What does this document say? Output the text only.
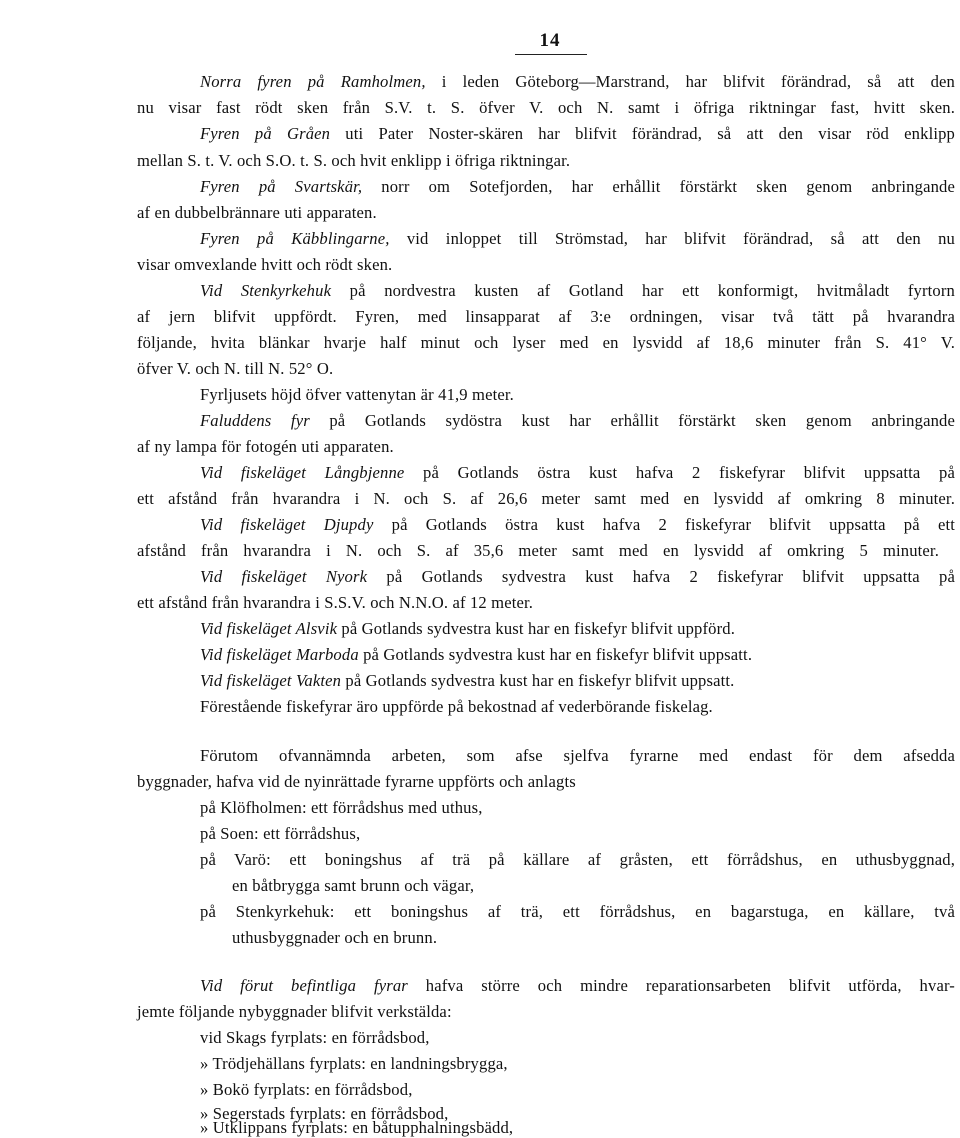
14
Norra fyren på Ramholmen, i leden Göteborg—Marstrand, har blifvit förändrad, så att den
nu visar fast rödt sken från S.V. t. S. öfver V. och N. samt i öfriga riktningar fast, hvitt sken.
Fyren på Gråen uti Pater Noster-skären har blifvit förändrad, så att den visar röd enklipp
mellan S. t. V. och S.O. t. S. och hvit enklipp i öfriga riktningar.
Fyren på Svartskär, norr om Sotefjorden, har erhållit förstärkt sken genom anbringande
af en dubbelbrännare uti apparaten.
Fyren på Käbblingarne, vid inloppet till Strömstad, har blifvit förändrad, så att den nu
visar omvexlande hvitt och rödt sken.
Vid Stenkyrkehuk på nordvestra kusten af Gotland har ett konformigt, hvitmåladt fyrtorn
af jern blifvit uppfördt. Fyren, med linsapparat af 3:e ordningen, visar två tätt på hvarandra
följande, hvita blänkar hvarje half minut och lyser med en lysvidd af 18,6 minuter från S. 41° V.
öfver V. och N. till N. 52° O.
Fyrljusets höjd öfver vattenytan är 41,9 meter.
Faluddens fyr på Gotlands sydöstra kust har erhållit förstärkt sken genom anbringande
af ny lampa för fotogén uti apparaten.
Vid fiskeläget Långbjenne på Gotlands östra kust hafva 2 fiskefyrar blifvit uppsatta på
ett afstånd från hvarandra i N. och S. af 26,6 meter samt med en lysvidd af omkring 8 minuter.
Vid fiskeläget Djupdy på Gotlands östra kust hafva 2 fiskefyrar blifvit uppsatta på ett
afstånd från hvarandra i N. och S. af 35,6 meter samt med en lysvidd af omkring 5 minuter.
Vid fiskeläget Nyork på Gotlands sydvestra kust hafva 2 fiskefyrar blifvit uppsatta på
ett afstånd från hvarandra i S.S.V. och N.N.O. af 12 meter.
Vid fiskeläget Alsvik på Gotlands sydvestra kust har en fiskefyr blifvit uppförd.
Vid fiskeläget Marboda på Gotlands sydvestra kust har en fiskefyr blifvit uppsatt.
Vid fiskeläget Vakten på Gotlands sydvestra kust har en fiskefyr blifvit uppsatt.
Förestående fiskefyrar äro uppförde på bekostnad af vederbörande fiskelag.
Förutom ofvannämnda arbeten, som afse sjelfva fyrarne med endast för dem afsedda
byggnader, hafva vid de nyinrättade fyrarne uppförts och anlagts
på Klöfholmen: ett förrådshus med uthus,
på Soen: ett förrådshus,
på Varö: ett boningshus af trä på källare af gråsten, ett förrådshus, en uthusbyggnad,
en båtbrygga samt brunn och vägar,
på Stenkyrkehuk: ett boningshus af trä, ett förrådshus, en bagarstuga, en källare, två
uthusbyggnader och en brunn.
Vid förut befintliga fyrar hafva större och mindre reparationsarbeten blifvit utförda, hvar-
jemte följande nybyggnader blifvit verkstälda:
vid Skags fyrplats: en förrådsbod,
» Trödjehällans fyrplats: en landningsbrygga,
» Bokö fyrplats: en förrådsbod,
» Segerstads fyrplats: en förrådsbod,
» Utklippans fyrplats: en båtupphalningsbädd,
